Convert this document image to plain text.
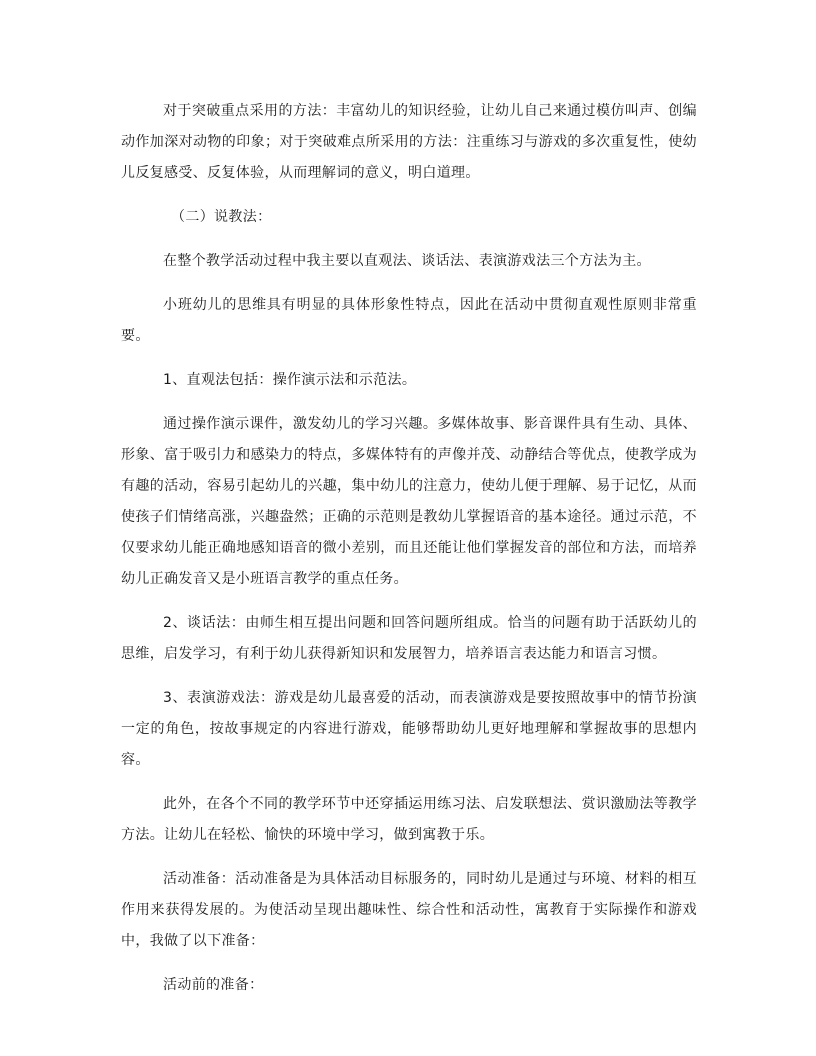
对于突破重点采用的方法：丰富幼儿的知识经验，让幼儿自己来通过模仿叫声、创编动作加深对动物的印象；对于突破难点所采用的方法：注重练习与游戏的多次重复性，使幼儿反复感受、反复体验，从而理解词的意义，明白道理。

（二）说教法：

在整个教学活动过程中我主要以直观法、谈话法、表演游戏法三个方法为主。

小班幼儿的思维具有明显的具体形象性特点，因此在活动中贯彻直观性原则非常重要。

1、直观法包括：操作演示法和示范法。

通过操作演示课件，激发幼儿的学习兴趣。多媒体故事、影音课件具有生动、具体、形象、富于吸引力和感染力的特点，多媒体特有的声像并茂、动静结合等优点，使教学成为有趣的活动，容易引起幼儿的兴趣，集中幼儿的注意力，使幼儿便于理解、易于记忆，从而使孩子们情绪高涨，兴趣盎然；正确的示范则是教幼儿掌握语音的基本途径。通过示范，不仅要求幼儿能正确地感知语音的微小差别，而且还能让他们掌握发音的部位和方法，而培养幼儿正确发音又是小班语言教学的重点任务。

2、谈话法：由师生相互提出问题和回答问题所组成。恰当的问题有助于活跃幼儿的思维，启发学习，有利于幼儿获得新知识和发展智力，培养语言表达能力和语言习惯。

3、表演游戏法：游戏是幼儿最喜爱的活动，而表演游戏是要按照故事中的情节扮演一定的角色，按故事规定的内容进行游戏，能够帮助幼儿更好地理解和掌握故事的思想内容。

此外，在各个不同的教学环节中还穿插运用练习法、启发联想法、赏识激励法等教学方法。让幼儿在轻松、愉快的环境中学习，做到寓教于乐。

活动准备：活动准备是为具体活动目标服务的，同时幼儿是通过与环境、材料的相互作用来获得发展的。为使活动呈现出趣味性、综合性和活动性，寓教育于实际操作和游戏中，我做了以下准备：

活动前的准备：
